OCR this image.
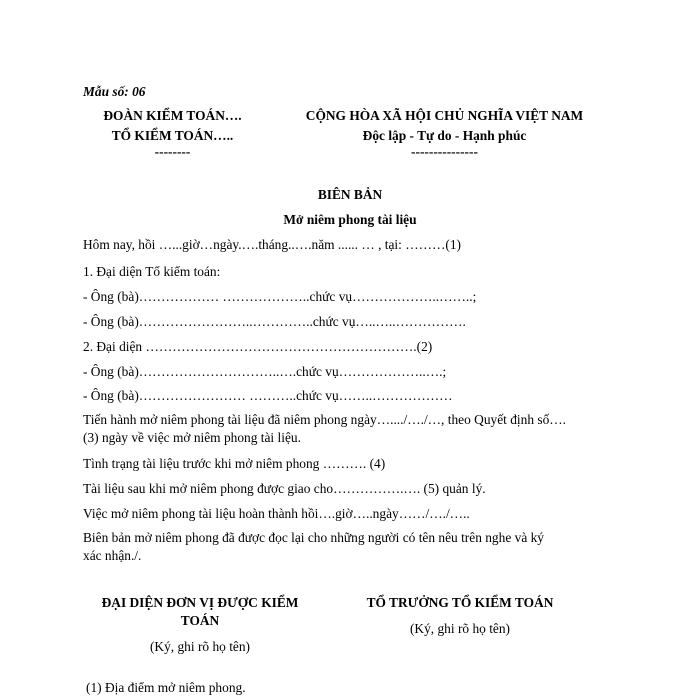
Mẫu số: 06
ĐOÀN KIỂM TOÁN….
TỔ KIỂM TOÁN…..
--------
CỘNG HÒA XÃ HỘI CHỦ NGHĨA VIỆT NAM
Độc lập - Tự do - Hạnh phúc
---------------
BIÊN BẢN
Mở niêm phong tài liệu
Hôm nay, hồi …...giờ…ngày.….tháng..….năm ...... … , tại: ………(1)
1. Đại diện Tổ kiểm toán:
- Ông (bà)……………… ………………..chức vụ………………..……..;
- Ông (bà)……………………..…………..chức vụ…..…..…………….
2. Đại diện …………………………………………………….(2)
- Ông (bà)…………………………..….chức vụ………………..….;
- Ông (bà)…………………… ………..chức vụ……..………………
Tiến hành mở niêm phong tài liệu đã niêm phong ngày…..../…./…, theo Quyết định số….
(3) ngày về việc mở niêm phong tài liệu.
Tình trạng tài liệu trước khi mở niêm phong ………. (4)
Tài liệu sau khi mở niêm phong được giao cho…………….…. (5) quản lý.
Việc mở niêm phong tài liệu hoàn thành hồi….giờ…..ngày……/…./…..
Biên bản mở niêm phong đã được đọc lại cho những người có tên nêu trên nghe và ký
xác nhận./.
ĐẠI DIỆN ĐƠN VỊ ĐƯỢC KIỂM
TOÁN
(Ký, ghi rõ họ tên)
TỔ TRƯỞNG TỔ KIỂM TOÁN
(Ký, ghi rõ họ tên)
(1) Địa điểm mở niêm phong.
